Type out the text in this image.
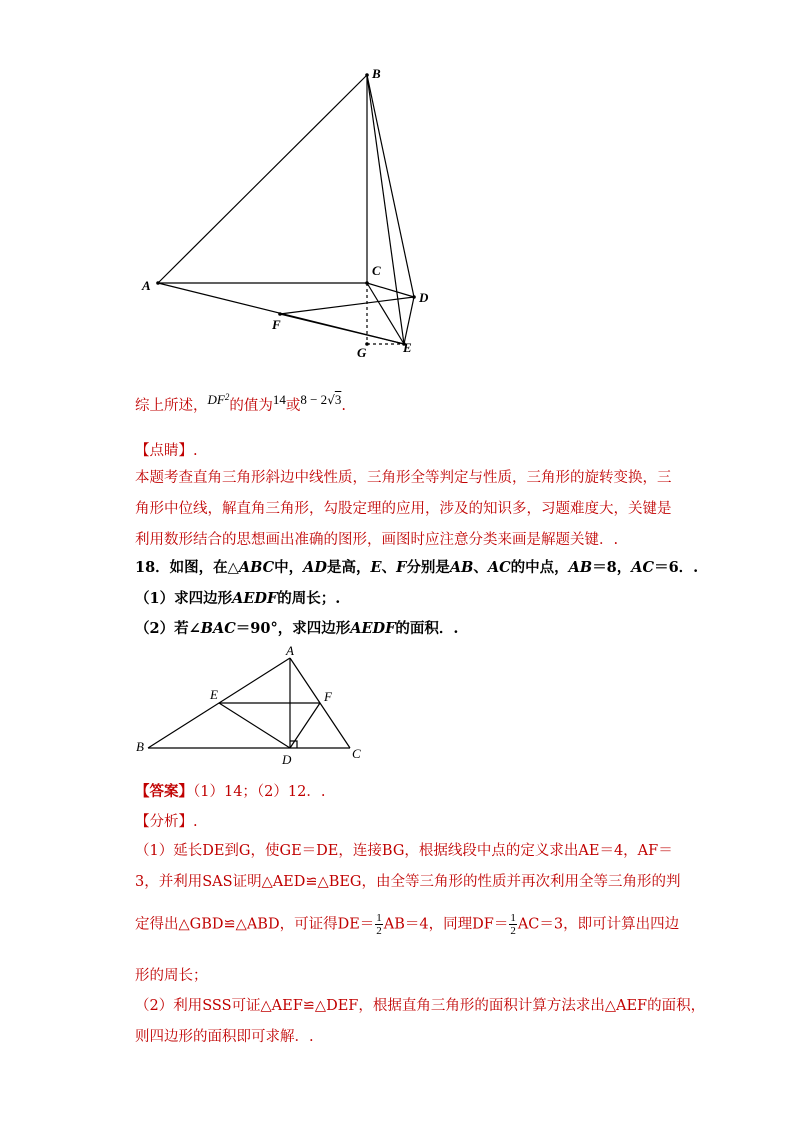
B
A
C
D
F
G	E
综上所述，$DF^2$的值为14或8 − 2√3.
【点睛】.
本题考查直角三角形斜边中线性质，三角形全等判定与性质，三角形的旋转变换，三
角形中位线，解直角三角形，勾股定理的应用，涉及的知识多，习题难度大，关键是
利用数形结合的思想画出准确的图形，画图时应注意分类来画是解题关键．.
18．如图，在△ABC中，AD是高，E、F分别是AB、AC的中点，AB＝8，AC＝6．.
（1）求四边形AEDF的周长；.
（2）若∠BAC＝90°，求四边形AEDF的面积．.
A
E	F
B
D	C
【答案】（1）14；（2）12．.
【分析】.
（1）延长DE到G，使GE＝DE，连接BG，根据线段中点的定义求出AE＝4，AF＝
3，并利用SAS证明△AED≌△BEG，由全等三角形的性质并再次利用全等三角形的判
定得出△GBD≌△ABD，可证得$DE= \frac{1}{2} AB=4$，同理$DF= \frac{1}{2} AC=3$，即可计算出四边
形的周长；
（2）利用SSS可证△AEF≌△DEF，根据直角三角形的面积计算方法求出△AEF的面积，
则四边形的面积即可求解．.
